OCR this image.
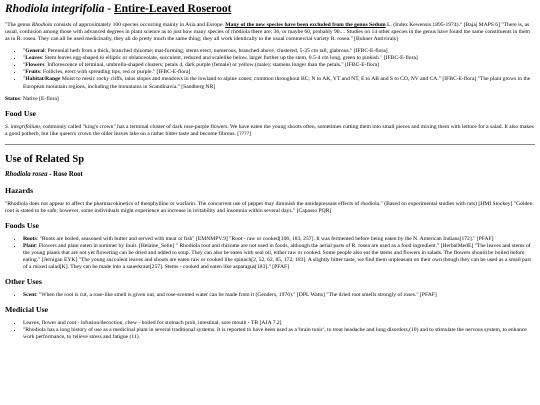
Rhodiola integrifolia - Entire-Leaved Roseroot

"The genus Rhodiola consists of approximately 100 species occurring mainly in Asia and Europe. Many of the new species have been excluded from the genus Sedum L. (Index Kewensis 1895-1974)." [Bajaj MAPS 6] "There is, as usual, confusion among those with advanced degrees in plant science as to just how many species of rhodiola there are; 36, or maybe 60, probably 90.... Studies on 14 other species in the genus have found the same constituents in them as in R. rosea. They can all be used medicinally, they all do pretty much the same thing; they all work identically to the usual commercial variety R. rosea." [Buhner Antivirals]

• "General: Perennial herb from a thick, branched rhizome; mat-forming; stems erect, numerous, branched above, clustered, 5-35 cm tall, glabrous." [IFBC-E-flora]
• "Leaves: Stem leaves egg-shaped to elliptic or oblanceolate, succulent, reduced and scalelike below, larger further up the stem, 0.5-4 cm long, green to pinkish." [IFBC-E-flora]
• "Flowers: Inflorescence of terminal, umbrella-shaped clusters; petals 4, dark purple (female) or yellow (male); stamens longer than the petals." [IFBC-E-flora]
• "Fruits: Follicles, erect with spreading tips, red or purple." [IFBC-E-flora]
• "Habitat/Range Moist to mesic rocky cliffs, talus slopes and meadows in the lowland to alpine zones; common throughout BC; N to AK, YT and NT, E to AB and S to CO, NV and CA." [IFBC-E-flora] "The plant grows in the European mountain regions, including the mountains in Scandinavia." [Sandberg NR]

Status: Native [E-flora]

Food Use

S. integrifolium, commonly called "king's crown" has a terminal cluster of dark rose-purple flowers. We have eaten the young shoots often, sometimes cutting them into small pieces and mixing them with lettuce for a salad. It also makes a good potherb, but like queen's crown the older leaves take on a rather bitter taste and become fibrous. [????]

Use of Related Sp
Rhodiola rosea - Rose Root
Hazards

"Rhodiola does not appear to affect the pharmacokinetics of theophylline or warfarin. The concurrent use of pepper may diminish the antidepressant effects of rhodiola." (Based on experimental studies with rats) [HMI Stockey] "Golden root is stated to be safe; however, some individuals might experience an increase in irritability and insomnia within several days." [Capasso PQR]

Foods Use
• Roots: "Roots are boiled, seasoned with butter and served with meat or fish" [EMNMPV.9] "Root - raw or cooked[106, 183, 257]. It was fermented before being eaten by the N. American Indians[172]." [PFAF]
• Plant: Flowers and plant eaten in summer by Inuit. [Helaine_Selin] " Rhodiola root and rhizome are not used in foods, although the aerial parts of R. rosea are used as a food ingredient." [HerbalMedE] "The leaves and stems of the young plants that are not yet flowering can be dried and added to soup. They can also be eaten with seal oil, either raw or cooked. Some people also eat the stems and flowers in salads. The flowers should be boiled before eating." [Jernigan EYK] "The young succulent leaves and shoots are eaten raw or cooked like spinach[2, 52, 62, 85, 172, 183]. A slightly bitter taste, we find them unpleasant on their own though they can be used as a small part of a mixed salad[K]. They can be made into a sauerkraut[257]. Stems - cooked and eaten like asparagus[183]." [PFAF]
Other Uses
• Scent: "When the root is cut, a rose-like smell is given out, and rose-scented water can be made from it (Genders, 1976)." [DPL Watts] "The dried root smells strongly of roses." [PFAF]
Medicial Use
• Leaves, flower and root - infusion/decoction, chew - boiled for stomach prob, intestinal, sore mouth - TB [AJA 7.2]
• "Rhodiola has a long history of use as a medicinal plant in several traditional systems. It is reported to have been used as a 'brain tonic', to treat headache and lung disorders,(10) and to stimulate the nervous system, to enhance work performance, to relieve stress and fatigue (11).
